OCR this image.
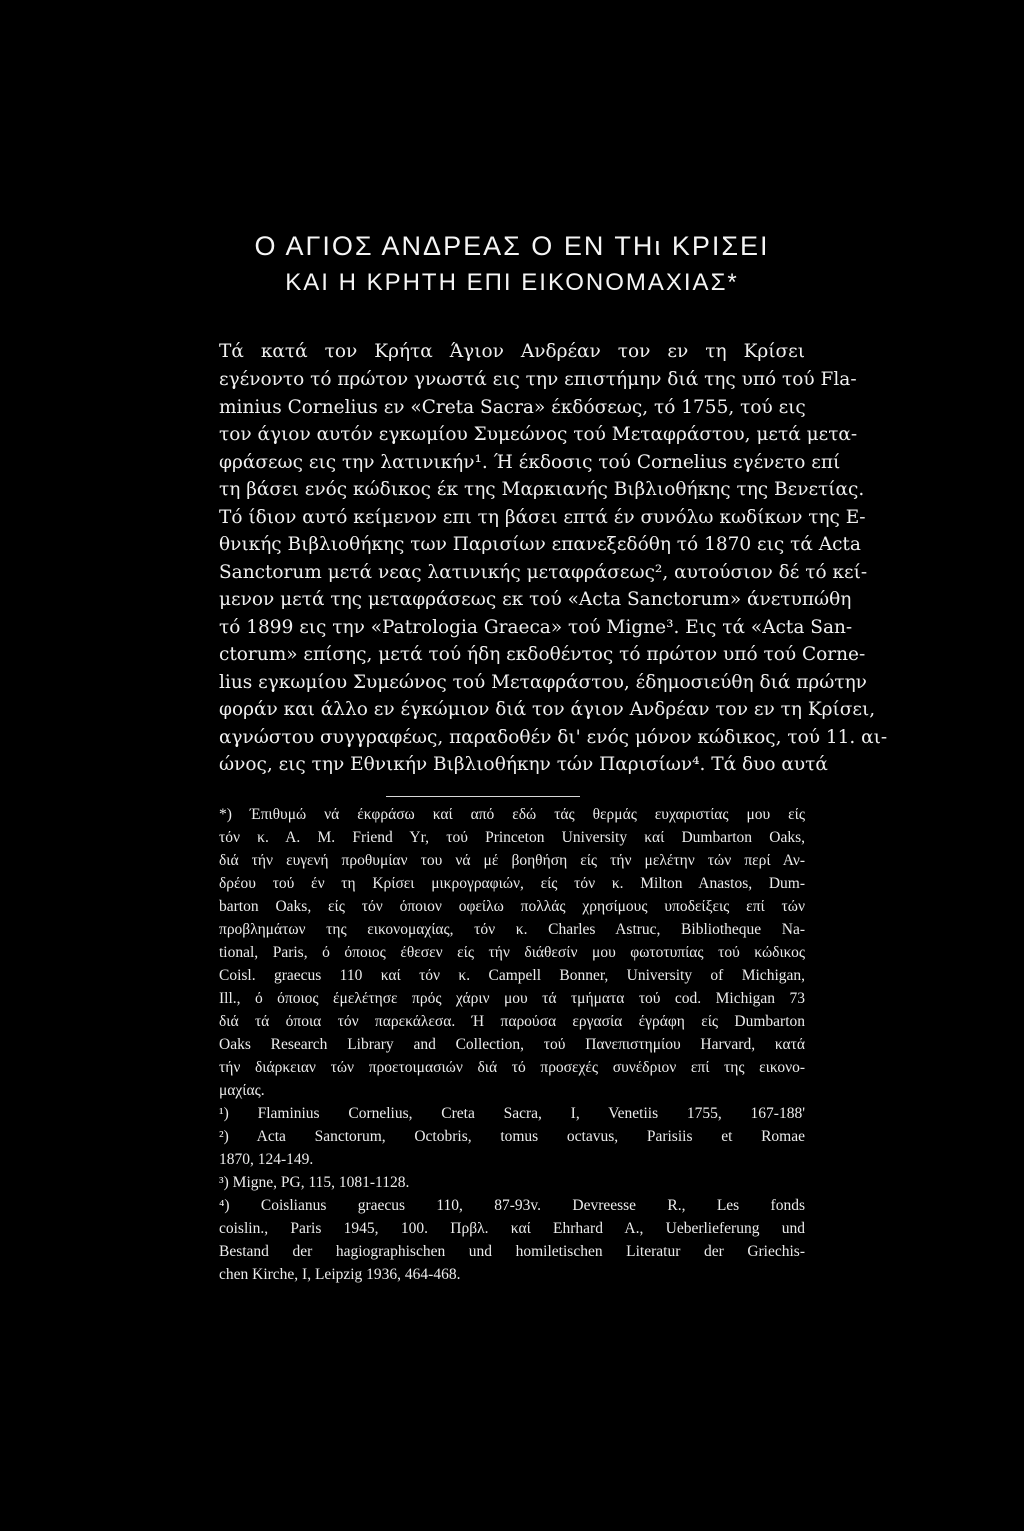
Ο ΑΓΙΟΣ ΑΝΔΡΕΑΣ Ο ΕΝ ΤΗι ΚΡΙΣΕΙ
ΚΑΙ Η ΚΡΗΤΗ ΕΠΙ ΕΙΚΟΝΟΜΑΧΙΑΣ*
Τά κατά τον Κρήτα Άγιον Ανδρέαν τον εν τη Κρίσει
εγένοντο τό πρώτον γνωστά εις την επιστήμην διά της υπό τού Fla-
minius Cornelius εν «Creta Sacra» έκδόσεως, τό 1755, τού εις
τον άγιον αυτόν εγκωμίου Συμεώνος τού Μεταφράστου, μετά μετα-
φράσεως εις την λατινικήν¹. Ή έκδοσις τού Cornelius εγένετο επί
τη βάσει ενός κώδικος έκ της Μαρκιανής Βιβλιοθήκης της Βενετίας.
Τό ίδιον αυτό κείμενον επι τη βάσει επτά έν συνόλω κωδίκων της Ε-
θνικής Βιβλιοθήκης των Παρισίων επανεξεδόθη τό 1870 εις τά Acta
Sanctorum μετά νεας λατινικής μεταφράσεως², αυτούσιον δέ τό κεί-
μενον μετά της μεταφράσεως εκ τού «Acta Sanctorum» άνετυπώθη
τό 1899 εις την «Patrologia Graeca» τού Migne³. Εις τά «Acta San-
ctorum» επίσης, μετά τού ήδη εκδοθέντος τό πρώτον υπό τού Corne-
lius εγκωμίου Συμεώνος τού Μεταφράστου, έδημοσιεύθη διά πρώτην
φοράν και άλλο εν έγκώμιον διά τον άγιον Ανδρέαν τον εν τη Κρίσει,
αγνώστου συγγραφέως, παραδοθέν δι' ενός μόνον κώδικος, τού 11. αι-
ώνος, εις την Εθνικήν Βιβλιοθήκην τών Παρισίων⁴. Τά δυο αυτά
*) Έπιθυμώ νά έκφράσω καί από εδώ τάς θερμάς ευχαριστίας μου είς
τόν κ. Α. Μ. Friend Yr, τού Princeton University καί Dumbarton Oaks,
διά τήν ευγενή προθυμίαν του νά μέ βοηθήση είς τήν μελέτην τών περί Αν-
δρέου τού έν τη Κρίσει μικρογραφιών, είς τόν κ. Milton Anastos, Dum-
barton Oaks, είς τόν όποιον οφείλω πολλάς χρησίμους υποδείξεις επί τών
προβλημάτων της εικονομαχίας, τόν κ. Charles Astruc, Bibliotheque Na-
tional, Paris, ό όποιος έθεσεν είς τήν διάθεσίν μου φωτοτυπίας τού κώδικος
Coisl. graecus 110 καί τόν κ. Campell Bonner, University of Michigan,
Ill., ό όποιος έμελέτησε πρός χάριν μου τά τμήματα τού cod. Michigan 73
διά τά όποια τόν παρεκάλεσα. Ή παρούσα εργασία έγράφη είς Dumbarton
Oaks Research Library and Collection, τού Πανεπιστημίου Harvard, κατά
τήν διάρκειαν τών προετοιμασιών διά τό προσεχές συνέδριον επί της εικονο-
μαχίας.
¹) Flaminius Cornelius, Creta Sacra, I, Venetiis 1755, 167-188'
²) Acta Sanctorum, Octobris, tomus octavus, Parisiis et Romae
1870, 124-149.
³) Migne, PG, 115, 1081-1128.
⁴) Coislianus graecus 110, 87-93v. Devreesse R., Les fonds
coislin., Paris 1945, 100. Πρβλ. καί Ehrhard A., Ueberlieferung und
Bestand der hagiographischen und homiletischen Literatur der Griechis-
chen Kirche, I, Leipzig 1936, 464-468.
